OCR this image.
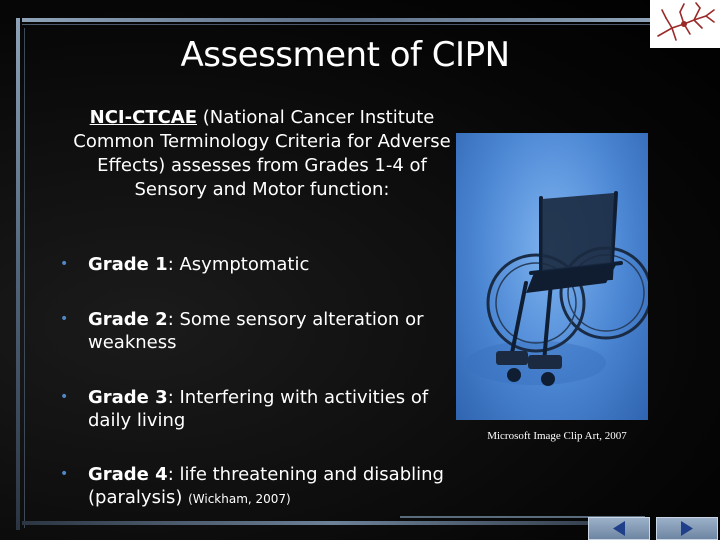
Assessment of CIPN
NCI-CTCAE (National Cancer Institute Common Terminology Criteria for Adverse Effects) assesses from Grades 1-4 of Sensory and Motor function:
• Grade 1: Asymptomatic
• Grade 2: Some sensory alteration or weakness
• Grade 3: Interfering with activities of daily living
• Grade 4: life threatening and disabling (paralysis) (Wickham, 2007)
Microsoft Image Clip Art, 2007
